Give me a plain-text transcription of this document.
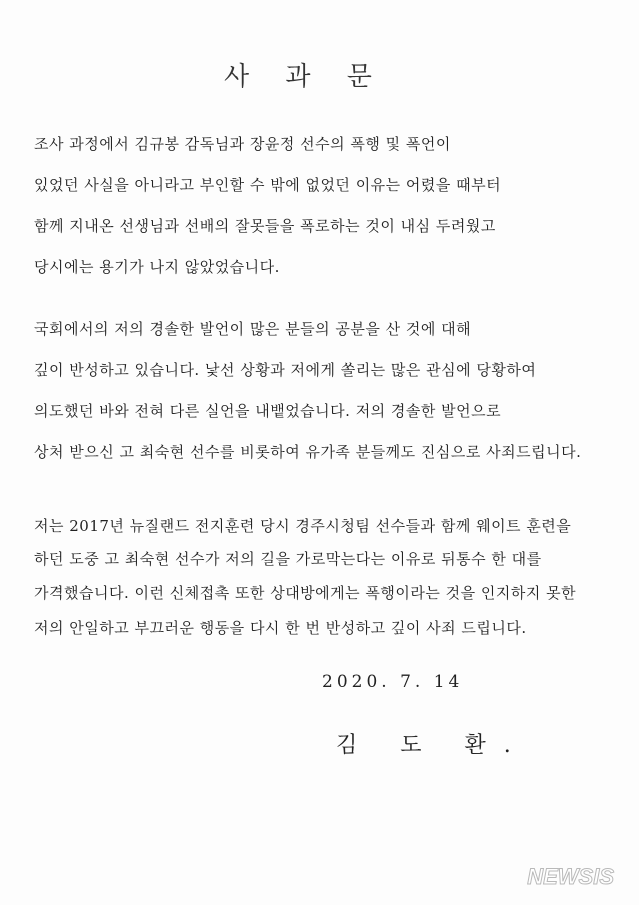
사 과 문
조사 과정에서 김규봉 감독님과 장윤정 선수의 폭행 및 폭언이
있었던 사실을 아니라고 부인할 수 밖에 없었던 이유는 어렸을 때부터
함께 지내온 선생님과 선배의 잘못들을 폭로하는 것이 내심 두려웠고
당시에는 용기가 나지 않았었습니다.
국회에서의 저의 경솔한 발언이 많은 분들의 공분을 산 것에 대해
깊이 반성하고 있습니다. 낯선 상황과 저에게 쏠리는 많은 관심에 당황하여
의도했던 바와 전혀 다른 실언을 내뱉었습니다. 저의 경솔한 발언으로
상처 받으신 고 최숙현 선수를 비롯하여 유가족 분들께도 진심으로 사죄드립니다.
저는 2017년 뉴질랜드 전지훈련 당시 경주시청팀 선수들과 함께 웨이트 훈련을
하던 도중 고 최숙현 선수가 저의 길을 가로막는다는 이유로 뒤통수 한 대를
가격했습니다. 이런 신체접촉 또한 상대방에게는 폭행이라는 것을 인지하지 못한
저의 안일하고 부끄러운 행동을 다시 한 번 반성하고 깊이 사죄 드립니다.
2020. 7. 14
김 도 환.
NEWSIS
